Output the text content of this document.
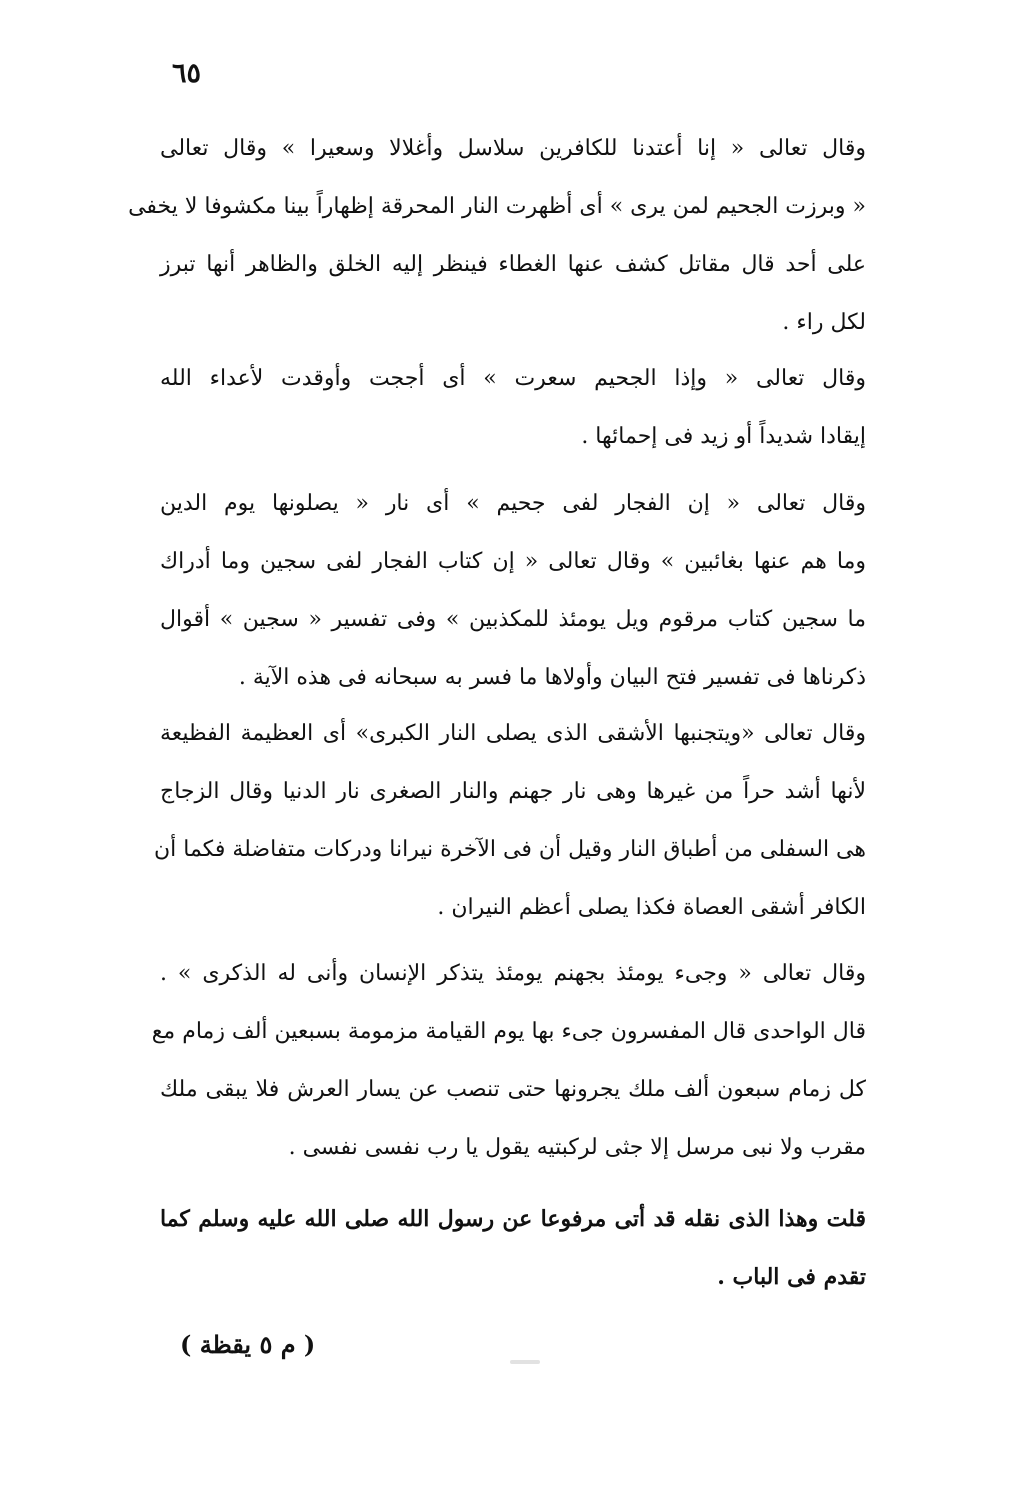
٦٥
وقال تعالى « إنا أعتدنا للكافرين سلاسل وأغلالا وسعيرا » وقال تعالى
« وبرزت الجحيم لمن يرى » أى أظهرت النار المحرقة إظهاراً بينا مكشوفا لا يخفى
على أحد قال مقاتل كشف عنها الغطاء فينظر إليه الخلق والظاهر أنها تبرز
لكل راء .
وقال تعالى « وإذا الجحيم سعرت » أى أججت وأوقدت لأعداء الله
إيقادا شديداً أو زيد فى إحمائها .
وقال تعالى « إن الفجار لفى جحيم » أى نار « يصلونها يوم الدين
وما هم عنها بغائبين » وقال تعالى « إن كتاب الفجار لفى سجين وما أدراك
ما سجين كتاب مرقوم ويل يومئذ للمكذبين » وفى تفسير « سجين » أقوال
ذكرناها فى تفسير فتح البيان وأولاها ما فسر به سبحانه فى هذه الآية .
وقال تعالى «ويتجنبها الأشقى الذى يصلى النار الكبرى» أى العظيمة الفظيعة
لأنها أشد حراً من غيرها وهى نار جهنم والنار الصغرى نار الدنيا وقال الزجاج
هى السفلى من أطباق النار وقيل أن فى الآخرة نيرانا ودركات متفاضلة فكما أن
الكافر أشقى العصاة فكذا يصلى أعظم النيران .
وقال تعالى « وجىء يومئذ بجهنم يومئذ يتذكر الإنسان وأنى له الذكرى » .
قال الواحدى قال المفسرون جىء بها يوم القيامة مزمومة بسبعين ألف زمام مع
كل زمام سبعون ألف ملك يجرونها حتى تنصب عن يسار العرش فلا يبقى ملك
مقرب ولا نبى مرسل إلا جثى لركبتيه يقول يا رب نفسى نفسى .
قلت وهذا الذى نقله قد أتى مرفوعا عن رسول الله صلى الله عليه وسلم كما
تقدم فى الباب .
( م ٥ يقظة )
